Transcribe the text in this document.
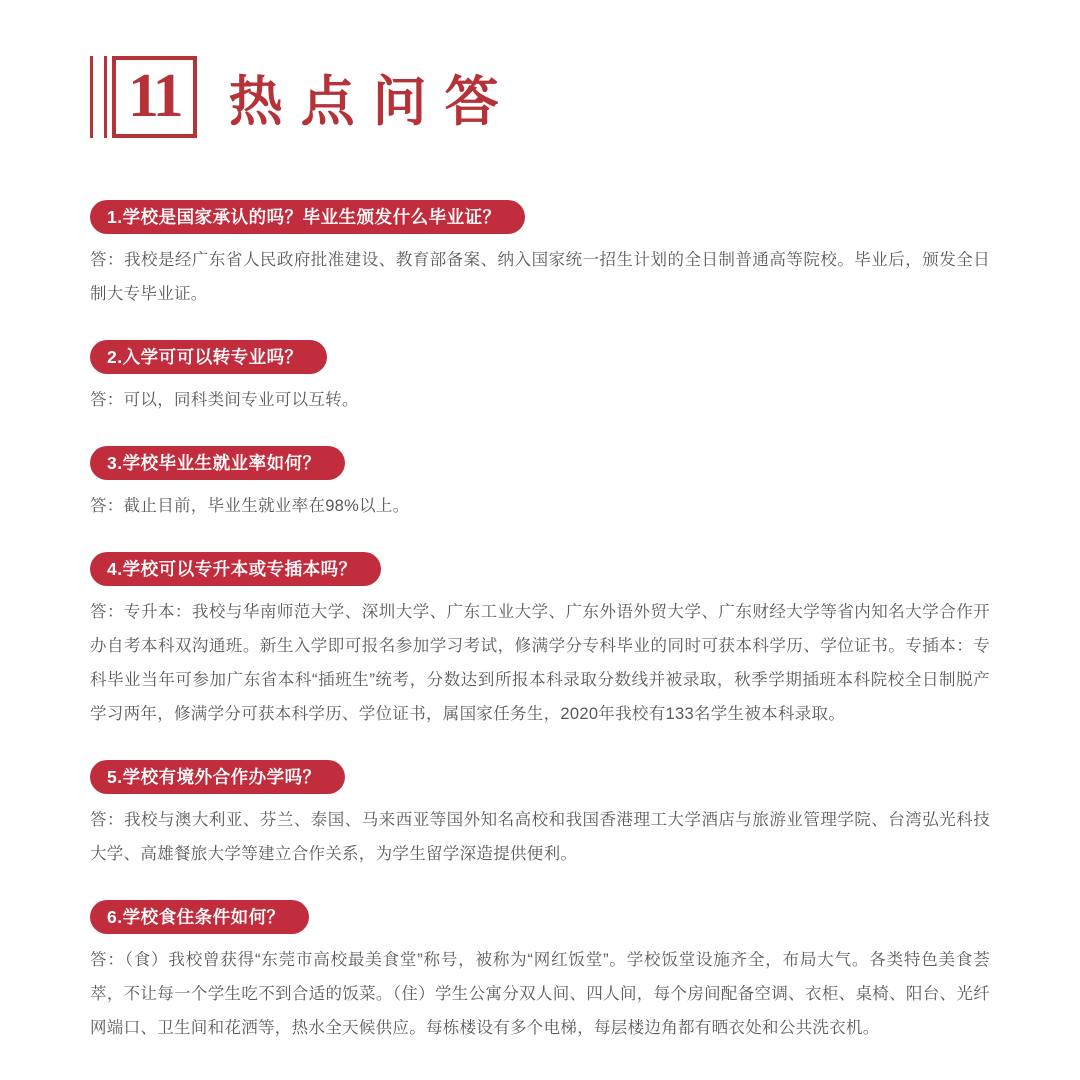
11 热点问答
1.学校是国家承认的吗？毕业生颁发什么毕业证？

答：我校是经广东省人民政府批准建设、教育部备案、纳入国家统一招生计划的全日制普通高等院校。毕业后，颁发全日制大专毕业证。

2.入学可可以转专业吗？

答：可以，同科类间专业可以互转。

3.学校毕业生就业率如何？

答：截止目前，毕业生就业率在98%以上。

4.学校可以专升本或专插本吗？

答：专升本：我校与华南师范大学、深圳大学、广东工业大学、广东外语外贸大学、广东财经大学等省内知名大学合作开办自考本科双沟通班。新生入学即可报名参加学习考试，修满学分专科毕业的同时可获本科学历、学位证书。专插本：专科毕业当年可参加广东省本科“插班生”统考，分数达到所报本科录取分数线并被录取，秋季学期插班本科院校全日制脱产学习两年，修满学分可获本科学历、学位证书，属国家任务生，2020年我校有133名学生被本科录取。

5.学校有境外合作办学吗？

答：我校与澳大利亚、芬兰、泰国、马来西亚等国外知名高校和我国香港理工大学酒店与旅游业管理学院、台湾弘光科技大学、高雄餐旅大学等建立合作关系，为学生留学深造提供便利。

6.学校食住条件如何？

答：（食）我校曾获得“东莞市高校最美食堂”称号，被称为“网红饭堂”。学校饭堂设施齐全，布局大气。各类特色美食荟萃，不让每一个学生吃不到合适的饭菜。（住）学生公寓分双人间、四人间，每个房间配备空调、衣柜、桌椅、阳台、光纤网端口、卫生间和花洒等，热水全天候供应。每栋楼设有多个电梯，每层楼边角都有晒衣处和公共洗衣机。
